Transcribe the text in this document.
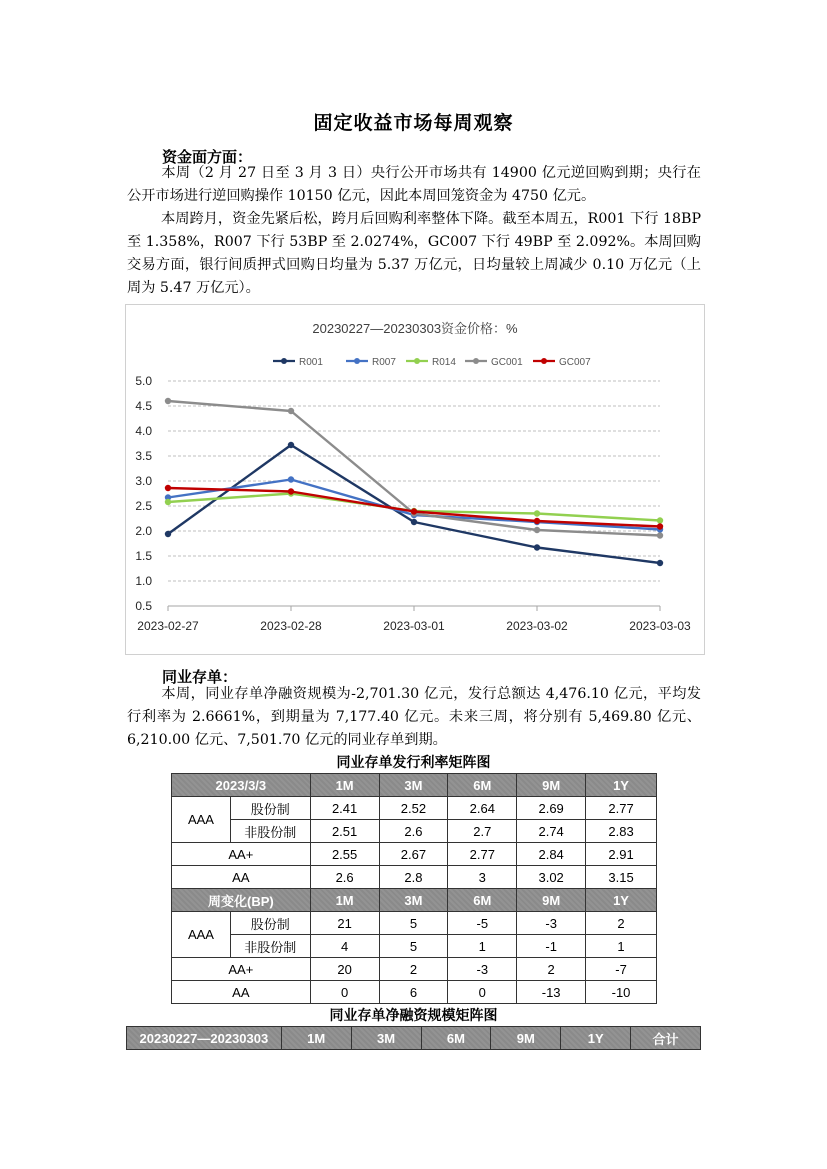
固定收益市场每周观察
资金面方面：

本周（2 月 27 日至 3 月 3 日）央行公开市场共有 14900 亿元逆回购到期；央行在公开市场进行逆回购操作 10150 亿元，因此本周回笼资金为 4750 亿元。

本周跨月，资金先紧后松，跨月后回购利率整体下降。截至本周五，R001 下行 18BP 至 1.358%，R007 下行 53BP 至 2.0274%，GC007 下行 49BP 至 2.092%。本周回购交易方面，银行间质押式回购日均量为 5.37 万亿元，日均量较上周减少 0.10 万亿元（上周为 5.47 万亿元）。

20230227—20230303资金价格：%
R001	R007	R014	GC001	GC007
5.0
4.5
4.0
3.5
3.0
2.5
2.0
1.5
1.0
0.5
2023-02-27	2023-02-28	2023-03-01	2023-03-02	2023-03-03
同业存单：

本周，同业存单净融资规模为-2,701.30 亿元，发行总额达 4,476.10 亿元，平均发行利率为 2.6661%，到期量为 7,177.40 亿元。未来三周，将分别有 5,469.80 亿元、6,210.00 亿元、7,501.70 亿元的同业存单到期。

同业存单发行利率矩阵图
2023/3/3		1M	3M	6M	9M	1Y
AAA	股份制	2.41	2.52	2.64	2.69	2.77
	非股份制	2.51	2.6	2.7	2.74	2.83
AA+		2.55	2.67	2.77	2.84	2.91
AA		2.6	2.8	3	3.02	3.15
周变化(BP)		1M	3M	6M	9M	1Y
AAA	股份制	21	5	-5	-3	2
	非股份制	4	5	1	-1	1
AA+		20	2	-3	2	-7
AA		0	6	0	-13	-10
同业存单净融资规模矩阵图
20230227—20230303	1M	3M	6M	9M	1Y	合计
